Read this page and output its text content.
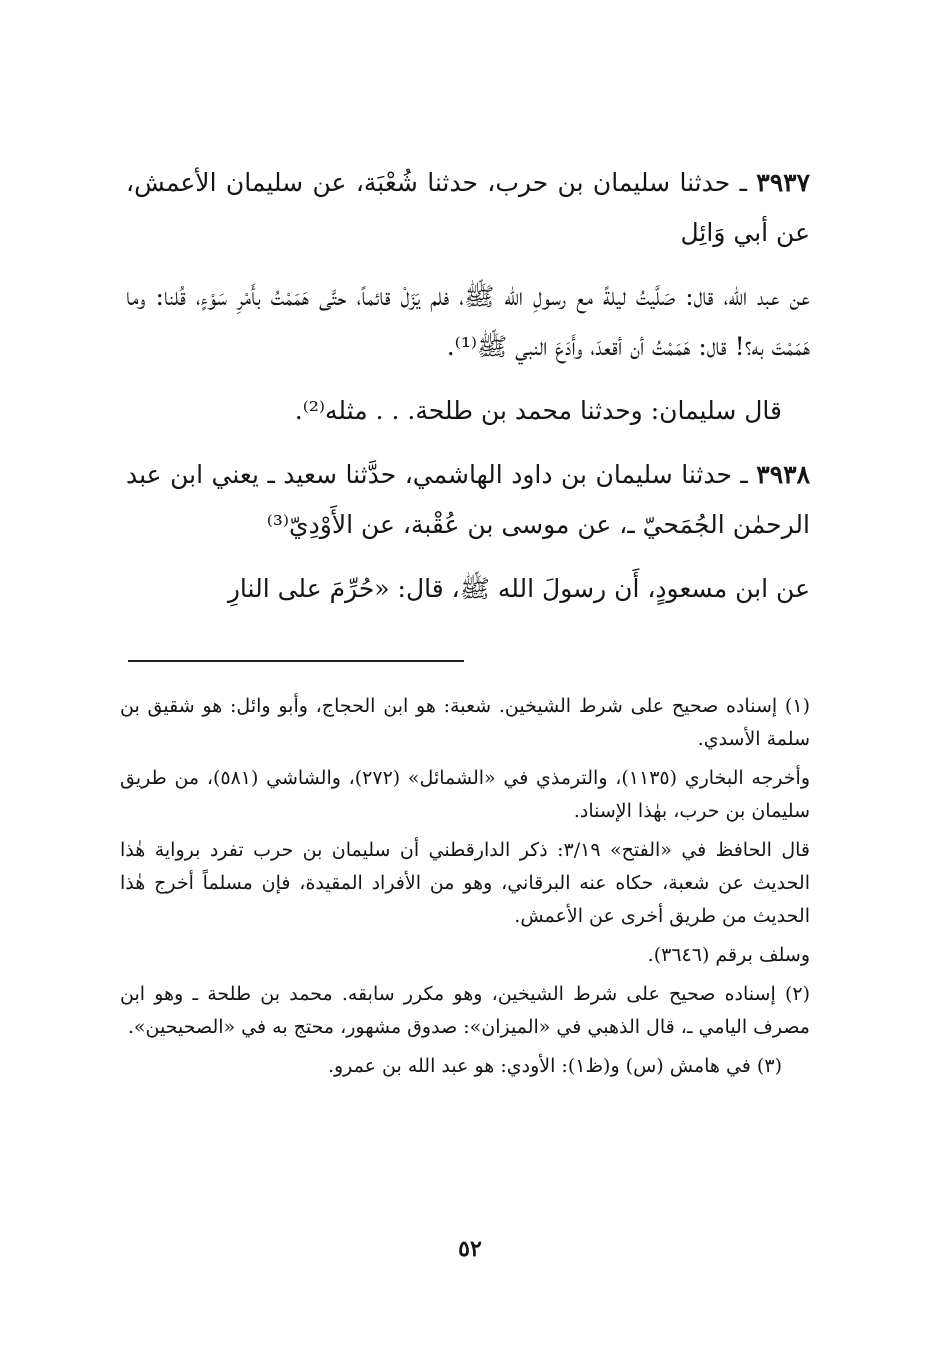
٣٩٣٧ ـ حدثنا سليمان بن حرب، حدثنا شُعْبَة، عن سليمان الأعمش، عن أبي وَائِل

عن عبد الله، قال: صَلَّيتُ ليلةً مع رسولِ الله ﷺ، فلم يَزَلْ قائماً، حتَّى هَمَمْتُ بأَمْرِ سَوْءٍ، قُلنا: وما هَمَمْتَ به؟! قال: هَمَمْتُ أن أقعدَ، وأَدَعَ النبي ﷺ⁽¹⁾.

قال سليمان: وحدثنا محمد بن طلحة. . . مثله⁽²⁾.

٣٩٣٨ ـ حدثنا سليمان بن داود الهاشمي، حدَّثنا سعيد ـ يعني ابن عبد الرحمٰن الجُمَحيّ ـ، عن موسى بن عُقْبة، عن الأَوْدِيّ⁽³⁾

عن ابن مسعودٍ، أَن رسولَ الله ﷺ، قال: «حُرِّمَ على النارِ

(١) إسناده صحيح على شرط الشيخين. شعبة: هو ابن الحجاج، وأبو وائل: هو شقيق بن سلمة الأسدي.

وأخرجه البخاري (١١٣٥)، والترمذي في «الشمائل» (٢٧٢)، والشاشي (٥٨١)، من طريق سليمان بن حرب، بهٰذا الإسناد.

قال الحافظ في «الفتح» ٣/١٩: ذكر الدارقطني أن سليمان بن حرب تفرد برواية هٰذا الحديث عن شعبة، حكاه عنه البرقاني، وهو من الأفراد المقيدة، فإن مسلماً أخرج هٰذا الحديث من طريق أخرى عن الأعمش.

وسلف برقم (٣٦٤٦).

(٢) إسناده صحيح على شرط الشيخين، وهو مكرر سابقه. محمد بن طلحة ـ وهو ابن مصرف اليامي ـ، قال الذهبي في «الميزان»: صدوق مشهور، محتج به في «الصحيحين».

(٣) في هامش (س) و(ظ١): الأودي: هو عبد الله بن عمرو.

٥٢
